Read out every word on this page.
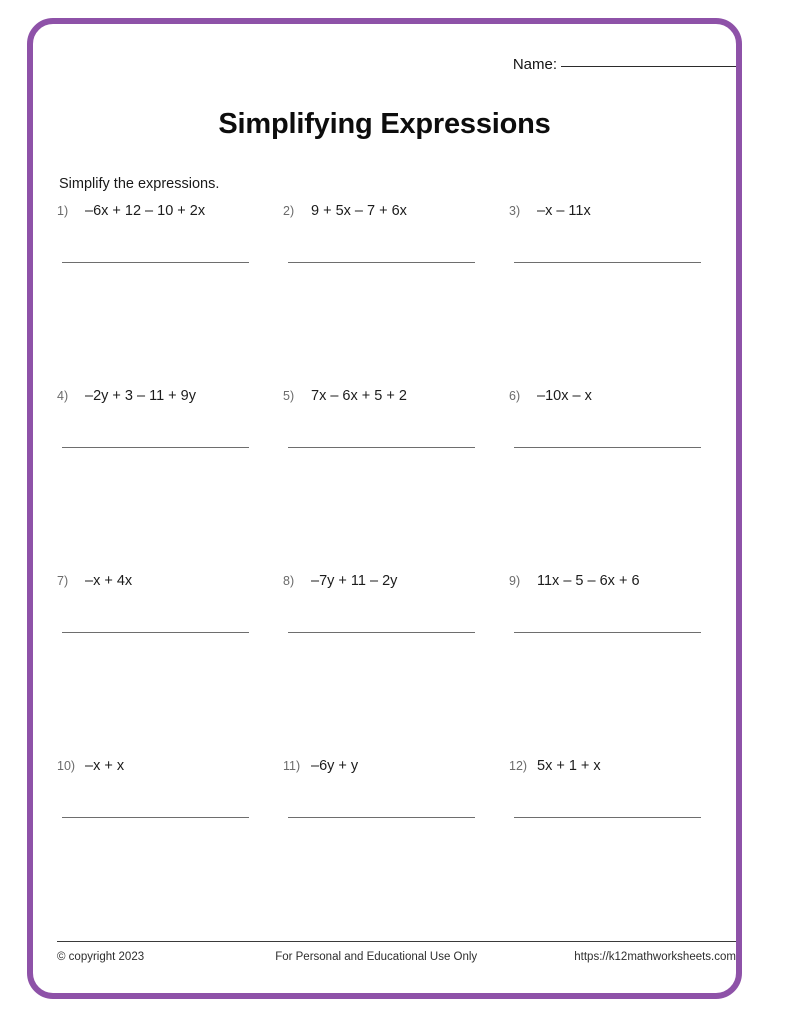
Name:
Simplifying Expressions
Simplify the expressions.
1)	–6x + 12 – 10 + 2x	2)	9 + 5x – 7 + 6x	3)	–x – 11x
4)	–2y + 3 – 11 + 9y	5)	7x – 6x + 5 + 2	6)	–10x – x
7)	–x + 4x	8)	–7y + 11 – 2y	9)	11x – 5 – 6x + 6
10) –x + x	11) –6y + y	12) 5x + 1 + x
© copyright 2023	For Personal and Educational Use Only	https://k12mathworksheets.com
